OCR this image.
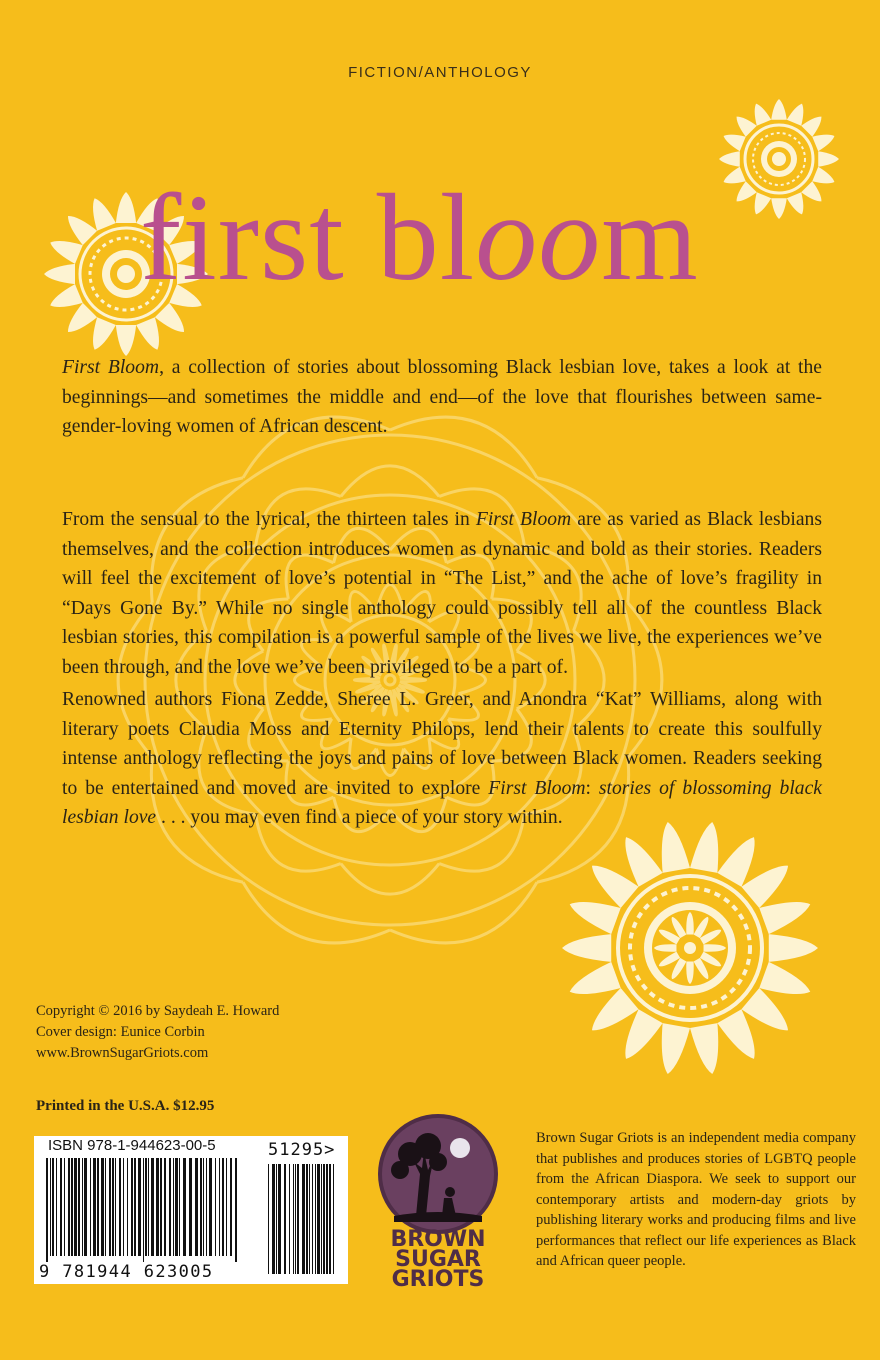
FICTION/ANTHOLOGY
first bloom
First Bloom, a collection of stories about blossoming Black lesbian love, takes a look at the beginnings—and sometimes the middle and end—of the love that flourishes between same-gender-loving women of African descent.
From the sensual to the lyrical, the thirteen tales in First Bloom are as varied as Black lesbians themselves, and the collection introduces women as dynamic and bold as their stories. Readers will feel the excitement of love’s potential in “The List,” and the ache of love’s fragility in “Days Gone By.” While no single anthology could possibly tell all of the countless Black lesbian stories, this compilation is a powerful sample of the lives we live, the experiences we’ve been through, and the love we’ve been privileged to be a part of.
Renowned authors Fiona Zedde, Sheree L. Greer, and Anondra “Kat” Williams, along with literary poets Claudia Moss and Eternity Philops, lend their talents to create this soulfully intense anthology reflecting the joys and pains of love between Black women. Readers seeking to be entertained and moved are invited to explore First Bloom: stories of blossoming black lesbian love . . . you may even find a piece of your story within.
Copyright © 2016 by Saydeah E. Howard
Cover design: Eunice Corbin
www.BrownSugarGriots.com
Printed in the U.S.A. $12.95
ISBN 978-1-944623-00-5	51295>
9 781944 623005
BROWN
SUGAR
GRIOTS
Brown Sugar Griots is an independent media company that publishes and produces stories of LGBTQ people from the African Diaspora. We seek to support our contemporary artists and modern-day griots by publishing literary works and producing films and live performances that reflect our life experiences as Black and African queer people.
